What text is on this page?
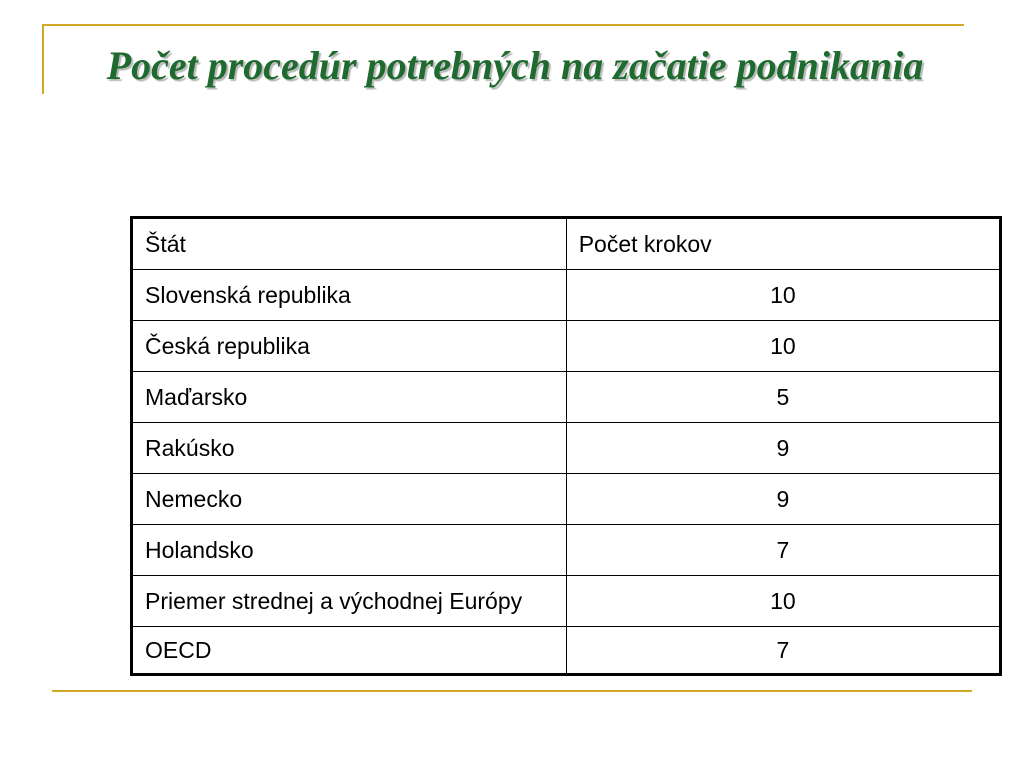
Počet procedúr potrebných na začatie podnikania
Štát	Počet krokov
Slovenská republika	10
Česká republika	10
Maďarsko	5
Rakúsko	9
Nemecko	9
Holandsko	7
Priemer strednej a východnej Európy	10
OECD	7
